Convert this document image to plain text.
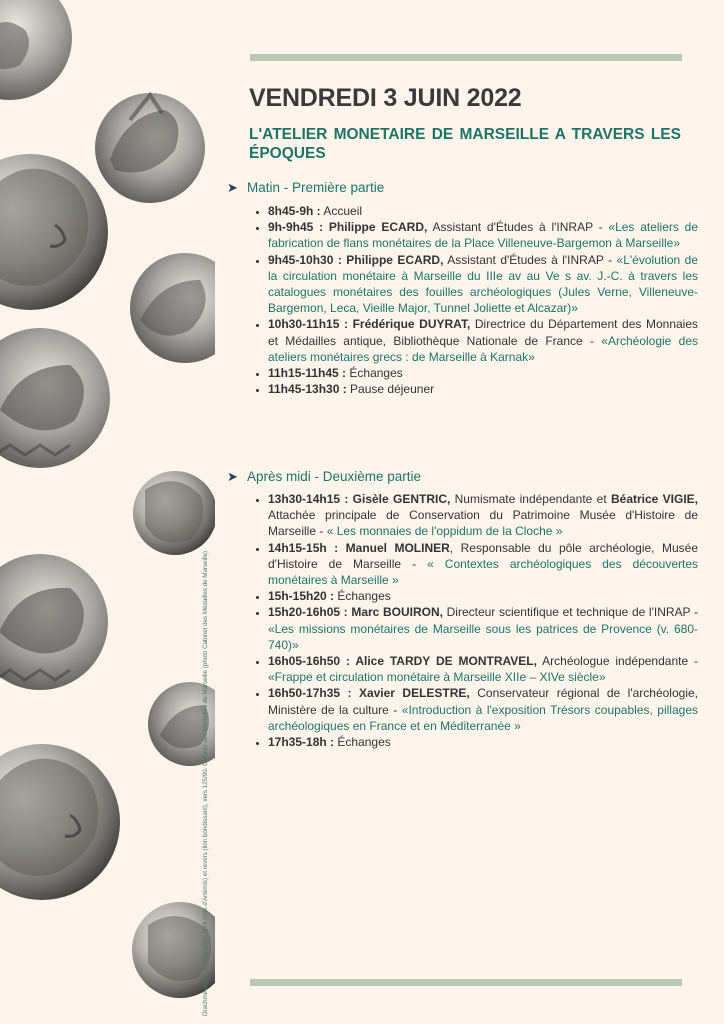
Drachme légère de Marseille, droit (tête d'Artémis) et revers (lion bondissant), vers 125/90. Cabinet des Médailles de Marseille (photo Cabinet des Médailles de Marseille)
VENDREDI 3 JUIN 2022
L'ATELIER MONETAIRE DE MARSEILLE A TRAVERS LES ÉPOQUES
➤ Matin - Première partie
• 8h45-9h : Accueil
• 9h-9h45 : Philippe ECARD, Assistant d'Études à l'INRAP - «Les ateliers de fabrication de flans monétaires de la Place Villeneuve-Bargemon à Marseille»
• 9h45-10h30 : Philippe ECARD, Assistant d'Études à l'INRAP - «L'évolution de la circulation monétaire à Marseille du IIIe av au Ve s av. J.-C. à travers les catalogues monétaires des fouilles archéologiques (Jules Verne, Villeneuve-Bargemon, Leca, Vieille Major, Tunnel Joliette et Alcazar)»
• 10h30-11h15 : Frédérique DUYRAT, Directrice du Département des Monnaies et Médailles antique, Bibliothèque Nationale de France - «Archéologie des ateliers monétaires grecs : de Marseille à Karnak»
• 11h15-11h45 : Échanges
• 11h45-13h30 : Pause déjeuner
➤ Après midi - Deuxième partie
• 13h30-14h15 : Gisèle GENTRIC, Numismate indépendante et Béatrice VIGIE, Attachée principale de Conservation du Patrimoine Musée d'Histoire de Marseille - « Les monnaies de l'oppidum de la Cloche »
• 14h15-15h : Manuel MOLINER, Responsable du pôle archéologie, Musée d'Histoire de Marseille - « Contextes archéologiques des découvertes monétaires à Marseille »
• 15h-15h20 : Échanges
• 15h20-16h05 : Marc BOUIRON, Directeur scientifique et technique de l'INRAP - «Les missions monétaires de Marseille sous les patrices de Provence (v. 680-740)»
• 16h05-16h50 : Alice TARDY DE MONTRAVEL, Archéologue indépendante - «Frappe et circulation monétaire à Marseille XIIe – XIVe siècle»
• 16h50-17h35 : Xavier DELESTRE, Conservateur régional de l'archéologie, Ministère de la culture - «Introduction à l'exposition Trésors coupables, pillages archéologiques en France et en Méditerranée »
• 17h35-18h : Échanges
